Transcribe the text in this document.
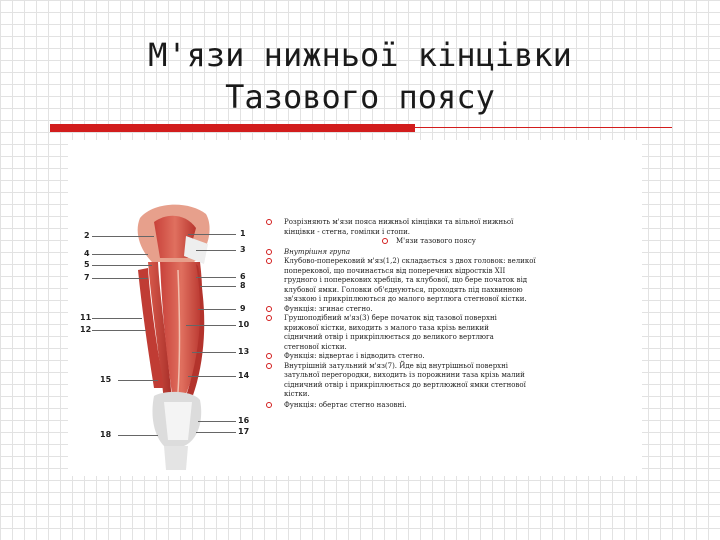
М'язи нижньої кінцівки
Тазового поясу
2
4
5
7
11
12
15
18
1
3
6
8
9
10
13
14
16
17
Розрізняють м'язи пояса нижньої кінцівки та вільної нижньої
кінцівки - стегна, гомілки і стопи.
М'язи тазового поясу
Внутрішня група
Клубово-поперековий м'яз(1,2) складається з двох головок: великої
поперекової, що починається від поперечних відростків XII
грудного і поперекових хребців, та клубової, що бере початок від
клубової ямки. Головки об'єднуються, проходять під пахвинною
зв'язкою і прикріплюються до малого вертлюга стегнової кістки.
Функція: згинає стегно.
Грушоподібний м'яз(3) бере початок від тазової поверхні
крижової кістки, виходить з малого таза крізь великий
сідничний отвір і прикріплюється до великого вертлюга
стегнової кістки.
Функція: відвертає і відводить стегно.
Внутрішній затульний м'яз(7). Йде від внутрішньої поверхні
затульної перегородки, виходить із порожнини таза крізь малий
сідничний отвір і прикріплюється до вертлюжної ямки стегнової
кістки.
Функція: обертає стегно назовні.
